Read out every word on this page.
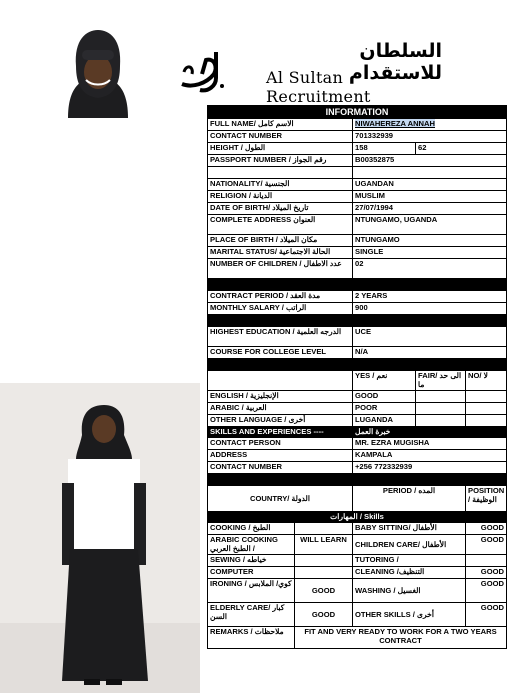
السلطان للاستقدام
Al Sultan Recruitment
INFORMATION				
FULL NAME/ الاسم كامل		NIWAHEREZA ANNAH		
CONTACT NUMBER		701332939		
HEIGHT / الطول		158	62	
PASSPORT NUMBER / رقم الجواز		B00352875		

NATIONALITY/ الجنسية		UGANDAN		
RELIGION / الديانة		MUSLIM		
DATE OF BIRTH/ تاريخ الميلاد		27/07/1994		
COMPLETE ADDRESS العنوان		NTUNGAMO, UGANDA		
PLACE OF BIRTH / مكان الميلاد		NTUNGAMO		
MARITAL STATUS/ الحالة الاجتماعية		SINGLE		
NUMBER OF CHILDREN / عدد الاطفال		02		

CONTRACT PERIOD / مدة العقد		2 YEARS		
MONTHLY SALARY / الراتب		900		

HIGHEST EDUCATION / الدرجه العلمية		UCE		
COURSE FOR COLLEGE LEVEL		N/A		

		YES / نعم	FAIR/ الى حد ما	NO/ لا
ENGLISH / الإنجليزية		GOOD		
ARABIC / العربية		POOR		
OTHER LANGUAGE / أخرى		LUGANDA		
SKILLS AND EXPERIENCES ----		خبرة العمل		
CONTACT PERSON		MR. EZRA MUGISHA		
ADDRESS		KAMPALA		
CONTACT NUMBER		+256 772332939		

COUNTRY/ الدولة		PERIOD / المده		POSITION / الوظيفة
المهارات / Skills				
COOKING / الطبخ		BABY SITTING/ الأطفال		GOOD
ARABIC COOKING الطبخ العربي /	WILL LEARN	CHILDREN CARE/ الأطفال		GOOD
SEWING / خياطه		TUTORING /		
COMPUTER		CLEANING /التنظيف		GOOD
IRONING / كوي/ الملابس	GOOD	WASHING / الغسيل		GOOD
ELDERLY CARE/ كبار السن	GOOD	OTHER SKILLS / أخرى		GOOD
REMARKS / ملاحظات	FIT AND VERY READY TO WORK FOR A TWO YEARS CONTRACT			
